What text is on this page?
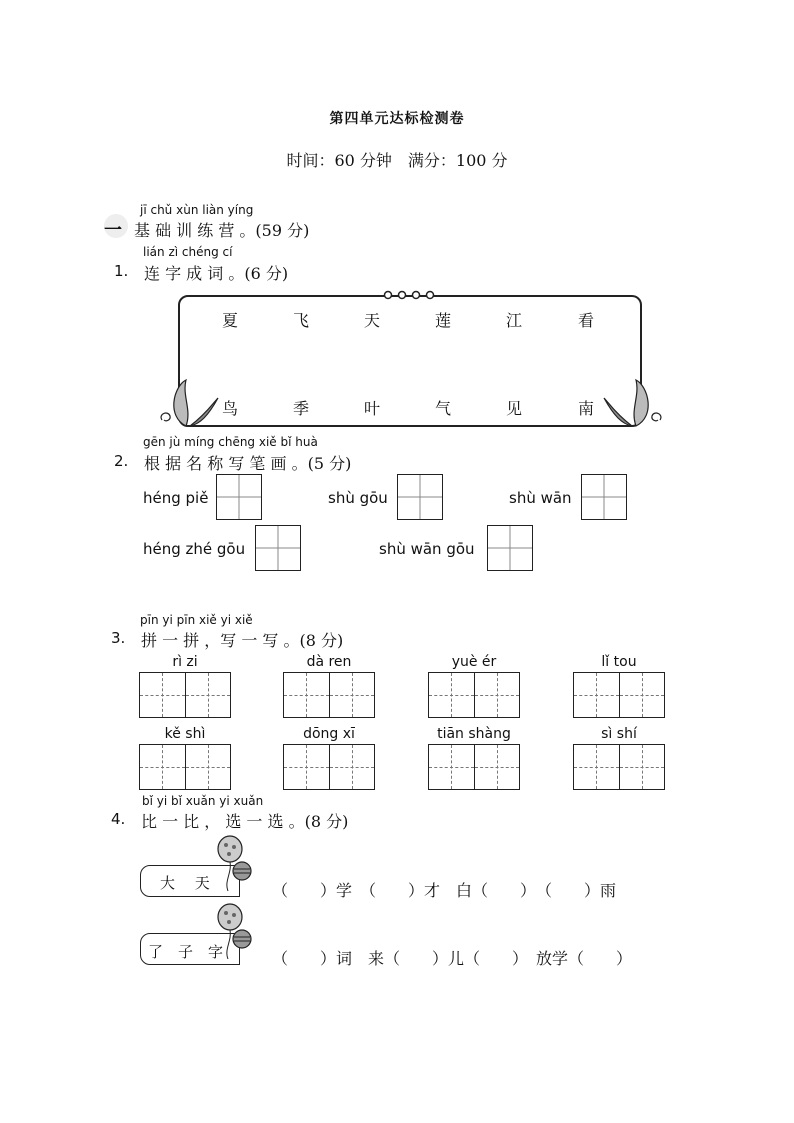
第四单元达标检测卷
时间：60 分钟　满分：100 分
jī chǔ xùn liàn yíng
一 基 础 训 练 营 。(59 分)
lián zì chéng cí
1. 连 字 成 词 。(6 分)
夏	飞	天	莲	江	看
鸟	季	叶	气	见	南
gēn jù míng chēng xiě bǐ huà
2. 根 据 名 称 写 笔 画 。(5 分)
héng piě	shù gōu	shù wān
héng zhé gōu	shù wān gōu
pīn yi pīn xiě yi xiě
3. 拼 一 拼 ，写 一 写 。(8 分)
rì zi	dà ren	yuè ér	lǐ tou
kě shì	dōng xī	tiān shàng	sì shí
bǐ yi bǐ xuǎn yi xuǎn
4. 比 一 比 ， 选 一 选 。(8 分)
大　 天	（　　）学　（　　）才　白（　　）　（　　）雨
了　子　字	（　　）词　来（　　）儿（　　）　放学（　　）
